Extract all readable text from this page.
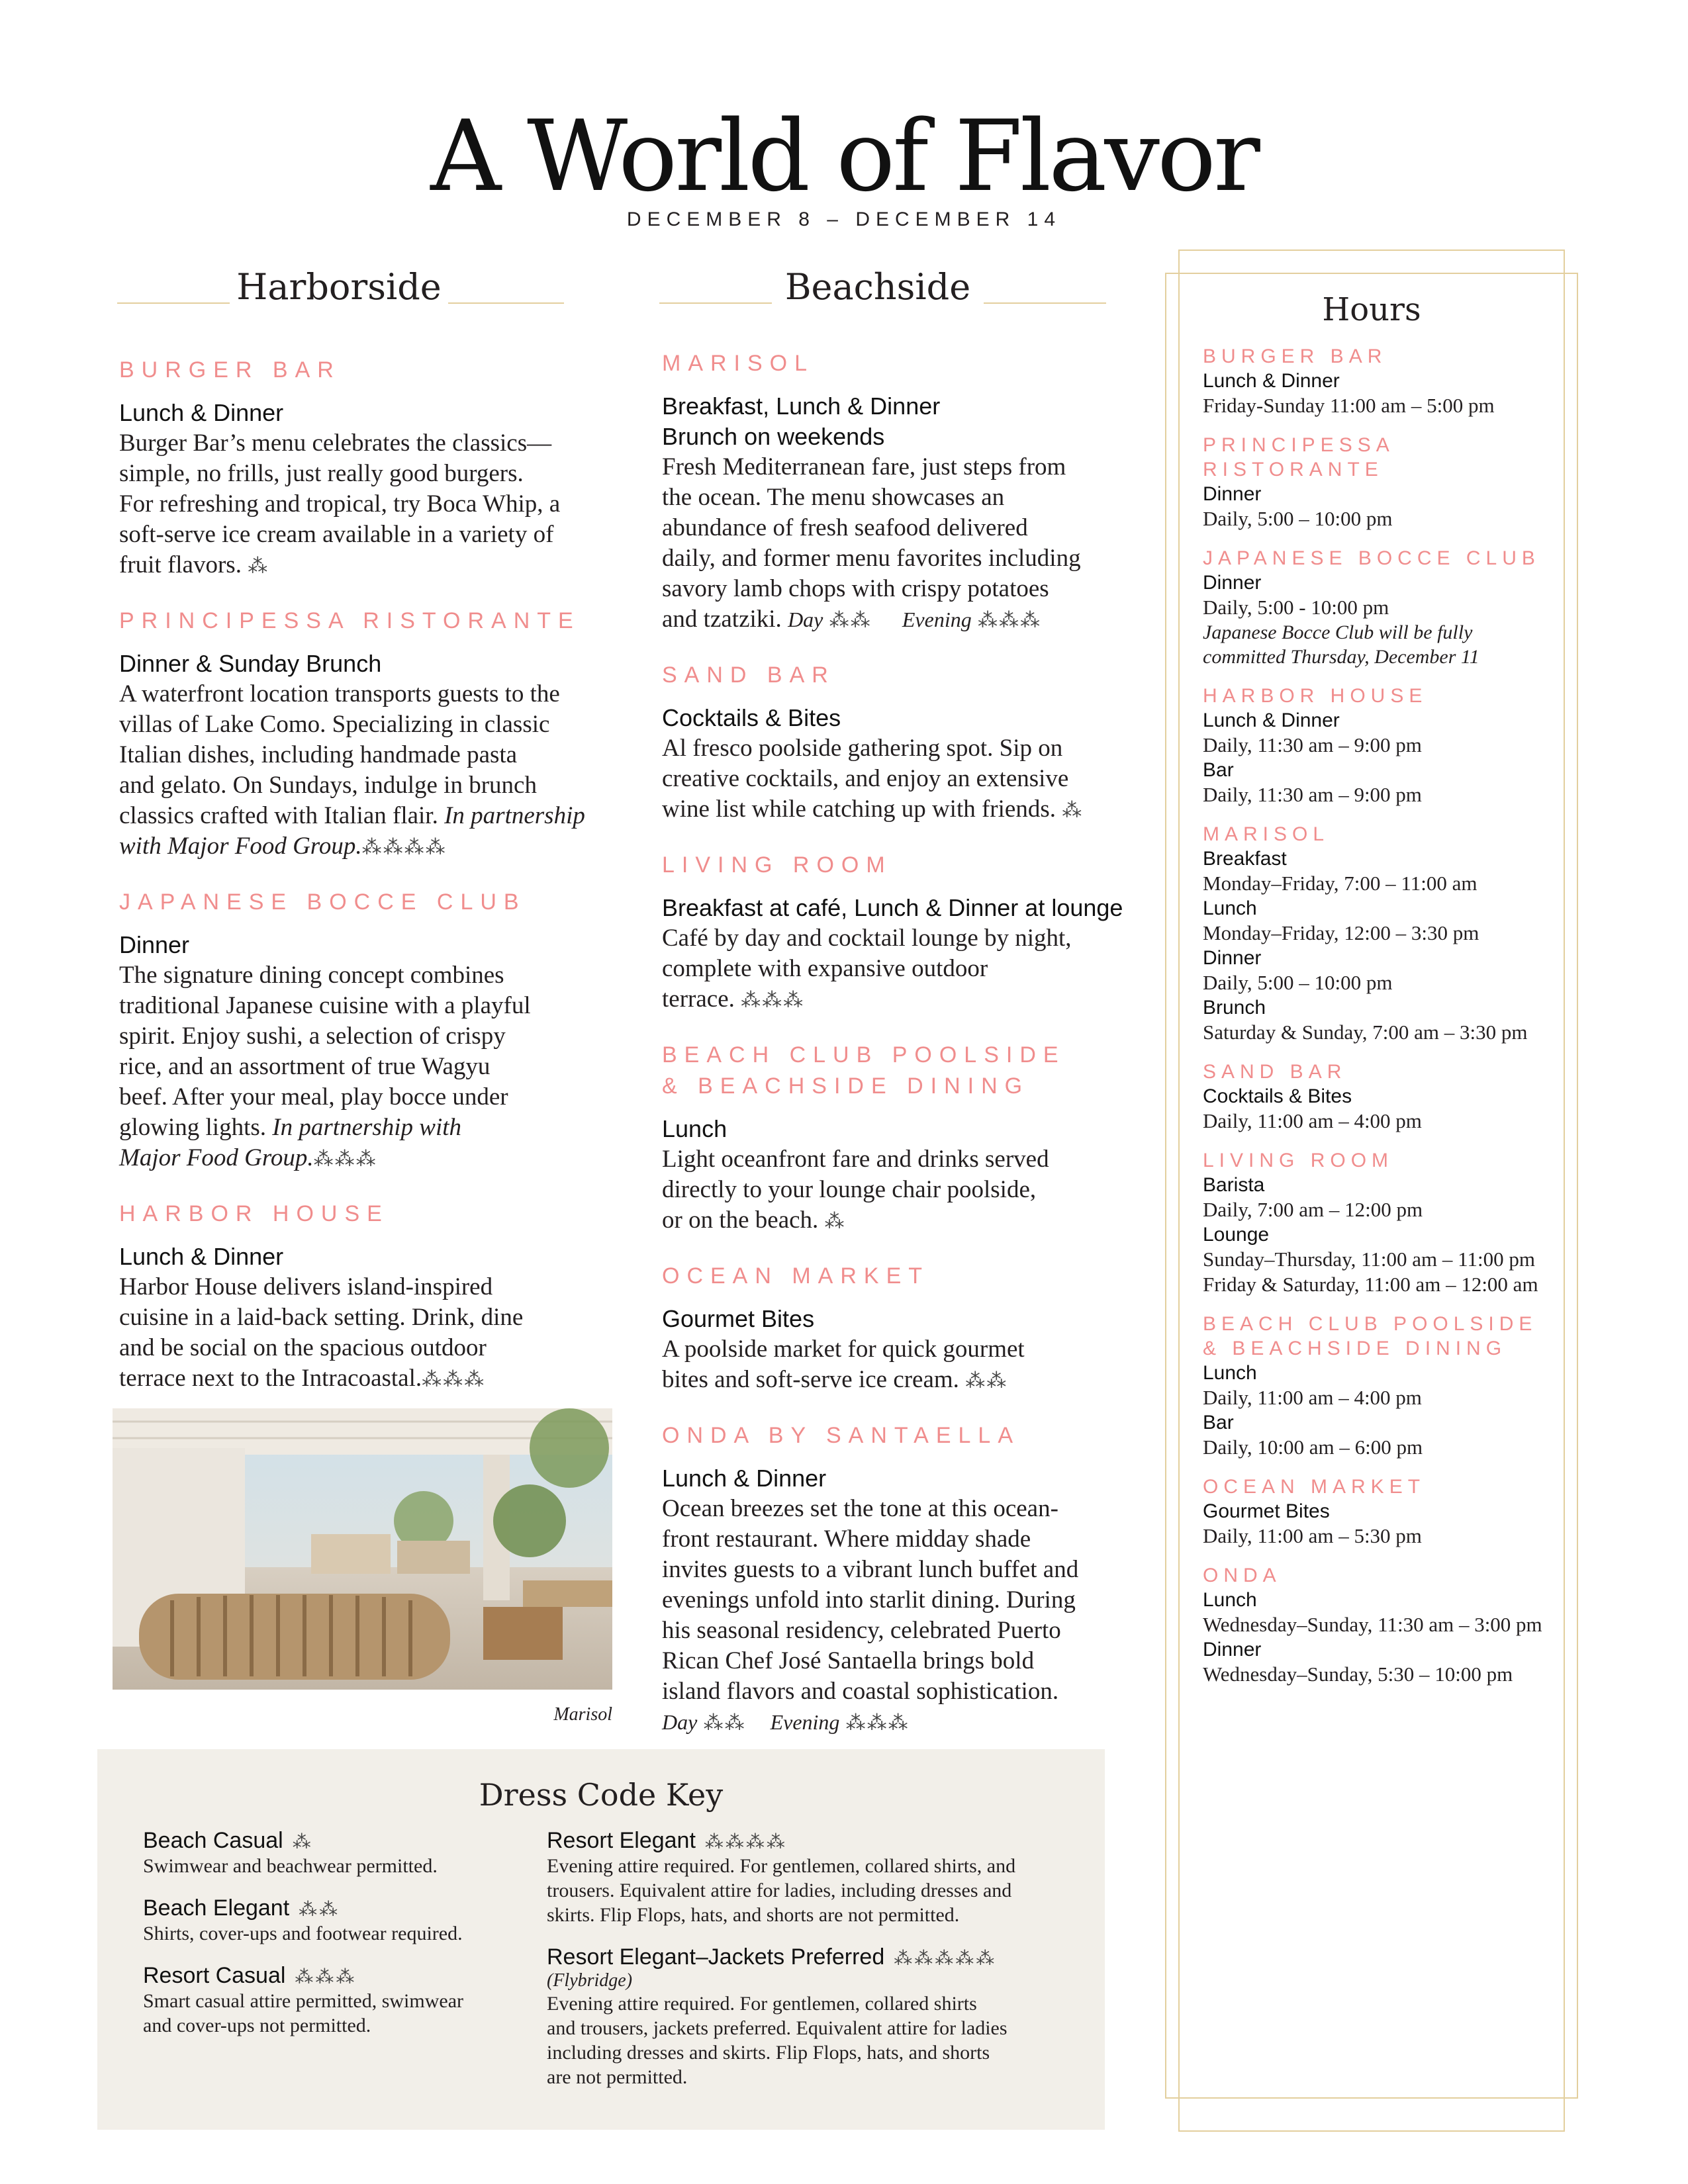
A World of Flavor
DECEMBER 8 – DECEMBER 14
Harborside	Beachside
BURGER BAR
Lunch & Dinner
Burger Bar’s menu celebrates the classics—
simple, no frills, just really good burgers.
For refreshing and tropical, try Boca Whip, a
soft-serve ice cream available in a variety of
fruit flavors. ⁂
PRINCIPESSA RISTORANTE
Dinner & Sunday Brunch
A waterfront location transports guests to the
villas of Lake Como. Specializing in classic
Italian dishes, including handmade pasta
and gelato. On Sundays, indulge in brunch
classics crafted with Italian flair. In partnership
with Major Food Group.⁂⁂⁂⁂
JAPANESE BOCCE CLUB
Dinner
The signature dining concept combines
traditional Japanese cuisine with a playful
spirit. Enjoy sushi, a selection of crispy
rice, and an assortment of true Wagyu
beef. After your meal, play bocce under
glowing lights. In partnership with
Major Food Group.⁂⁂⁂
HARBOR HOUSE
Lunch & Dinner
Harbor House delivers island-inspired
cuisine in a laid-back setting. Drink, dine
and be social on the spacious outdoor
terrace next to the Intracoastal.⁂⁂⁂
Marisol
MARISOL
Breakfast, Lunch & Dinner
Brunch on weekends
Fresh Mediterranean fare, just steps from
the ocean. The menu showcases an
abundance of fresh seafood delivered
daily, and former menu favorites including
savory lamb chops with crispy potatoes
and tzatziki. Day ⁂⁂ Evening ⁂⁂⁂
SAND BAR
Cocktails & Bites
Al fresco poolside gathering spot. Sip on
creative cocktails, and enjoy an extensive
wine list while catching up with friends. ⁂
LIVING ROOM
Breakfast at café, Lunch & Dinner at lounge
Café by day and cocktail lounge by night,
complete with expansive outdoor
terrace. ⁂⁂⁂
BEACH CLUB POOLSIDE
& BEACHSIDE DINING
Lunch
Light oceanfront fare and drinks served
directly to your lounge chair poolside,
or on the beach. ⁂
OCEAN MARKET
Gourmet Bites
A poolside market for quick gourmet
bites and soft-serve ice cream. ⁂⁂
ONDA BY SANTAELLA
Lunch & Dinner
Ocean breezes set the tone at this ocean-
front restaurant. Where midday shade
invites guests to a vibrant lunch buffet and
evenings unfold into starlit dining. During
his seasonal residency, celebrated Puerto
Rican Chef José Santaella brings bold
island flavors and coastal sophistication.
Day ⁂⁂ Evening ⁂⁂⁂
Hours
BURGER BAR
Lunch & Dinner
Friday-Sunday 11:00 am – 5:00 pm
PRINCIPESSA RISTORANTE
Dinner
Daily, 5:00 – 10:00 pm
JAPANESE BOCCE CLUB
Dinner
Daily, 5:00 - 10:00 pm
Japanese Bocce Club will be fully
committed Thursday, December 11
HARBOR HOUSE
Lunch & Dinner
Daily, 11:30 am – 9:00 pm
Bar
Daily, 11:30 am – 9:00 pm
MARISOL
Breakfast
Monday–Friday, 7:00 – 11:00 am
Lunch
Monday–Friday, 12:00 – 3:30 pm
Dinner
Daily, 5:00 – 10:00 pm
Brunch
Saturday & Sunday, 7:00 am – 3:30 pm
SAND BAR
Cocktails & Bites
Daily, 11:00 am – 4:00 pm
LIVING ROOM
Barista
Daily, 7:00 am – 12:00 pm
Lounge
Sunday–Thursday, 11:00 am – 11:00 pm
Friday & Saturday, 11:00 am – 12:00 am
BEACH CLUB POOLSIDE
& BEACHSIDE DINING
Lunch
Daily, 11:00 am – 4:00 pm
Bar
Daily, 10:00 am – 6:00 pm
OCEAN MARKET
Gourmet Bites
Daily, 11:00 am – 5:30 pm
ONDA
Lunch
Wednesday–Sunday, 11:30 am – 3:00 pm
Dinner
Wednesday–Sunday, 5:30 – 10:00 pm
Dress Code Key
Beach Casual ⁂
Swimwear and beachwear permitted.
Beach Elegant ⁂⁂
Shirts, cover-ups and footwear required.
Resort Casual ⁂⁂⁂
Smart casual attire permitted, swimwear
and cover-ups not permitted.
Resort Elegant ⁂⁂⁂⁂
Evening attire required. For gentlemen, collared shirts, and
trousers. Equivalent attire for ladies, including dresses and
skirts. Flip Flops, hats, and shorts are not permitted.
Resort Elegant–Jackets Preferred ⁂⁂⁂⁂⁂
(Flybridge)
Evening attire required. For gentlemen, collared shirts
and trousers, jackets preferred. Equivalent attire for ladies
including dresses and skirts. Flip Flops, hats, and shorts
are not permitted.
